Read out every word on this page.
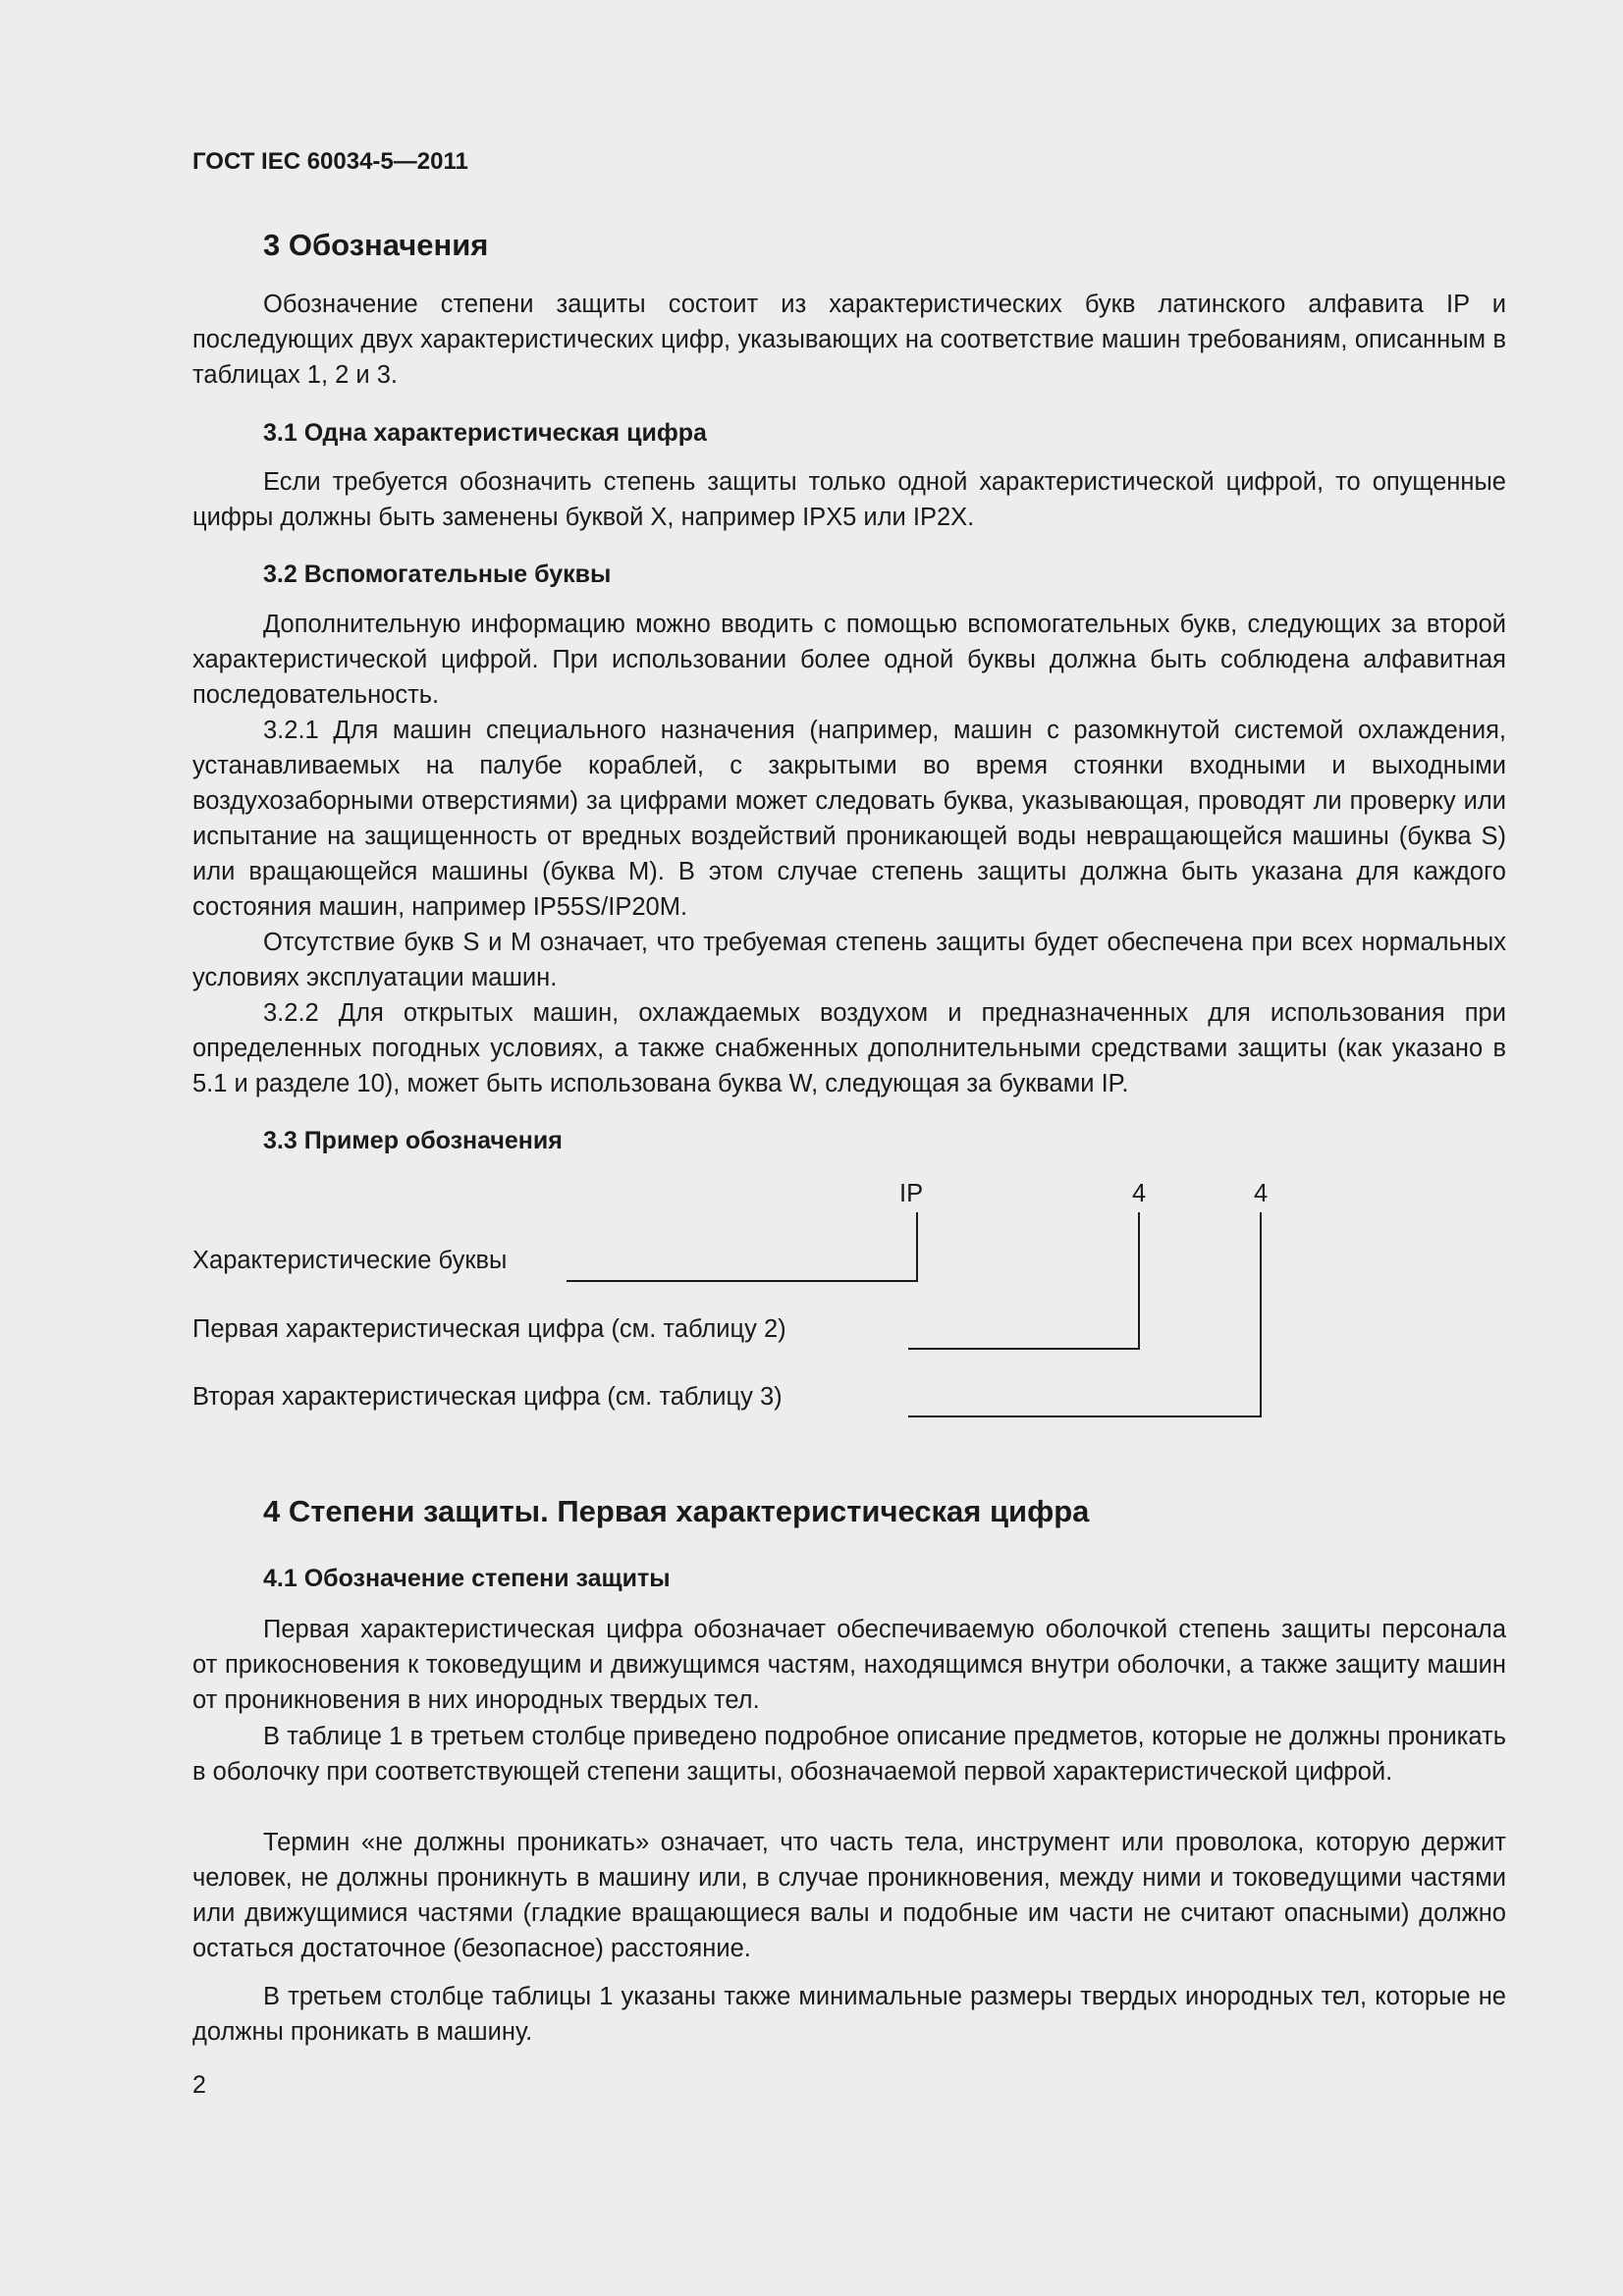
ГОСТ IEC 60034-5—2011
3 Обозначения

Обозначение степени защиты состоит из характеристических букв латинского алфавита IP и последующих двух характеристических цифр, указывающих на соответствие машин требованиям, описанным в таблицах 1, 2 и 3.

3.1 Одна характеристическая цифра

Если требуется обозначить степень защиты только одной характеристической цифрой, то опущенные цифры должны быть заменены буквой X, например IPX5 или IP2X.

3.2 Вспомогательные буквы

Дополнительную информацию можно вводить с помощью вспомогательных букв, следующих за второй характеристической цифрой. При использовании более одной буквы должна быть соблюдена алфавитная последовательность.

3.2.1 Для машин специального назначения (например, машин с разомкнутой системой охлаждения, устанавливаемых на палубе кораблей, с закрытыми во время стоянки входными и выходными воздухозаборными отверстиями) за цифрами может следовать буква, указывающая, проводят ли проверку или испытание на защищенность от вредных воздействий проникающей воды невращающейся машины (буква S) или вращающейся машины (буква M). В этом случае степень защиты должна быть указана для каждого состояния машин, например IP55S/IP20M.

Отсутствие букв S и M означает, что требуемая степень защиты будет обеспечена при всех нормальных условиях эксплуатации машин.

3.2.2 Для открытых машин, охлаждаемых воздухом и предназначенных для использования при определенных погодных условиях, а также снабженных дополнительными средствами защиты (как указано в 5.1 и разделе 10), может быть использована буква W, следующая за буквами IP.

3.3 Пример обозначения
IP	4	4
Характеристические буквы
Первая характеристическая цифра (см. таблицу 2)
Вторая характеристическая цифра (см. таблицу 3)
4 Степени защиты. Первая характеристическая цифра
4.1 Обозначение степени защиты

Первая характеристическая цифра обозначает обеспечиваемую оболочкой степень защиты персонала от прикосновения к токоведущим и движущимся частям, находящимся внутри оболочки, а также защиту машин от проникновения в них инородных твердых тел.

В таблице 1 в третьем столбце приведено подробное описание предметов, которые не должны проникать в оболочку при соответствующей степени защиты, обозначаемой первой характеристической цифрой.

Термин «не должны проникать» означает, что часть тела, инструмент или проволока, которую держит человек, не должны проникнуть в машину или, в случае проникновения, между ними и токоведущими частями или движущимися частями (гладкие вращающиеся валы и подобные им части не считают опасными) должно остаться достаточное (безопасное) расстояние.

В третьем столбце таблицы 1 указаны также минимальные размеры твердых инородных тел, которые не должны проникать в машину.

2
